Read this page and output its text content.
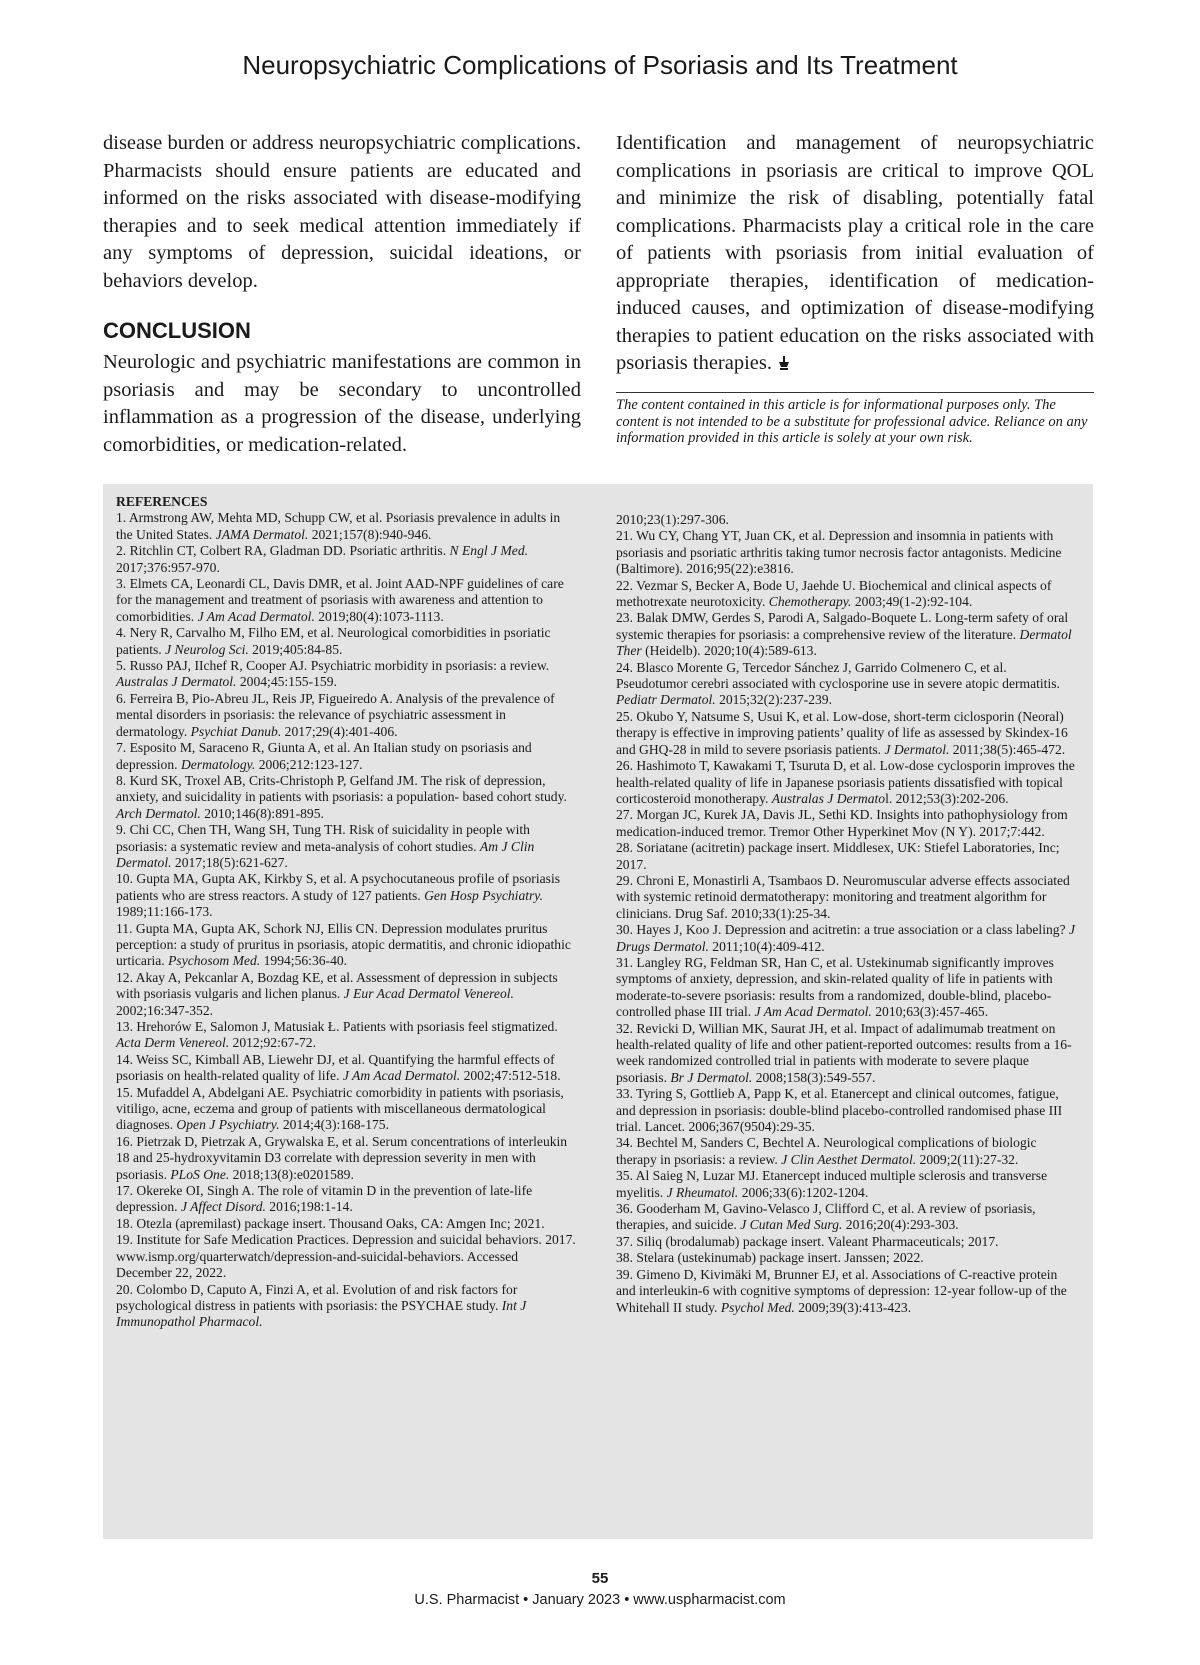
Neuropsychiatric Complications of Psoriasis and Its Treatment

disease burden or address neuropsychiatric complications. Pharmacists should ensure patients are educated and informed on the risks associated with disease-modifying therapies and to seek medical attention immediately if any symptoms of depression, suicidal ideations, or behaviors develop.

CONCLUSION

Neurologic and psychiatric manifestations are common in psoriasis and may be secondary to uncontrolled inflammation as a progression of the disease, underlying comorbidities, or medication-related.

Identification and management of neuropsychiatric complications in psoriasis are critical to improve QOL and minimize the risk of disabling, potentially fatal complications. Pharmacists play a critical role in the care of patients with psoriasis from initial evaluation of appropriate therapies, identification of medication-induced causes, and optimization of disease-modifying therapies to patient education on the risks associated with psoriasis therapies.

The content contained in this article is for informational purposes only. The content is not intended to be a substitute for professional advice. Reliance on any information provided in this article is solely at your own risk.
REFERENCES

1. Armstrong AW, Mehta MD, Schupp CW, et al. Psoriasis prevalence in adults in the United States. JAMA Dermatol. 2021;157(8):940-946.

2. Ritchlin CT, Colbert RA, Gladman DD. Psoriatic arthritis. N Engl J Med. 2017;376:957-970.

3. Elmets CA, Leonardi CL, Davis DMR, et al. Joint AAD-NPF guidelines of care for the management and treatment of psoriasis with awareness and attention to comorbidities. J Am Acad Dermatol. 2019;80(4):1073-1113.

4. Nery R, Carvalho M, Filho EM, et al. Neurological comorbidities in psoriatic patients. J Neurolog Sci. 2019;405:84-85.

5. Russo PAJ, IIchef R, Cooper AJ. Psychiatric morbidity in psoriasis: a review. Australas J Dermatol. 2004;45:155-159.

6. Ferreira B, Pio-Abreu JL, Reis JP, Figueiredo A. Analysis of the prevalence of mental disorders in psoriasis: the relevance of psychiatric assessment in dermatology. Psychiat Danub. 2017;29(4):401-406.

7. Esposito M, Saraceno R, Giunta A, et al. An Italian study on psoriasis and depression. Dermatology. 2006;212:123-127.

8. Kurd SK, Troxel AB, Crits-Christoph P, Gelfand JM. The risk of depression, anxiety, and suicidality in patients with psoriasis: a population- based cohort study. Arch Dermatol. 2010;146(8):891-895.

9. Chi CC, Chen TH, Wang SH, Tung TH. Risk of suicidality in people with psoriasis: a systematic review and meta-analysis of cohort studies. Am J Clin Dermatol. 2017;18(5):621-627.

10. Gupta MA, Gupta AK, Kirkby S, et al. A psychocutaneous profile of psoriasis patients who are stress reactors. A study of 127 patients. Gen Hosp Psychiatry. 1989;11:166-173.

11. Gupta MA, Gupta AK, Schork NJ, Ellis CN. Depression modulates pruritus perception: a study of pruritus in psoriasis, atopic dermatitis, and chronic idiopathic urticaria. Psychosom Med. 1994;56:36-40.

12. Akay A, Pekcanlar A, Bozdag KE, et al. Assessment of depression in subjects with psoriasis vulgaris and lichen planus. J Eur Acad Dermatol Venereol. 2002;16:347-352.

13. Hrehorów E, Salomon J, Matusiak Ł. Patients with psoriasis feel stigmatized. Acta Derm Venereol. 2012;92:67-72.

14. Weiss SC, Kimball AB, Liewehr DJ, et al. Quantifying the harmful effects of psoriasis on health-related quality of life. J Am Acad Dermatol. 2002;47:512-518.

15. Mufaddel A, Abdelgani AE. Psychiatric comorbidity in patients with psoriasis, vitiligo, acne, eczema and group of patients with miscellaneous dermatological diagnoses. Open J Psychiatry. 2014;4(3):168-175.

16. Pietrzak D, Pietrzak A, Grywalska E, et al. Serum concentrations of interleukin 18 and 25-hydroxyvitamin D3 correlate with depression severity in men with psoriasis. PLoS One. 2018;13(8):e0201589.

17. Okereke OI, Singh A. The role of vitamin D in the prevention of late-life depression. J Affect Disord. 2016;198:1-14.

18. Otezla (apremilast) package insert. Thousand Oaks, CA: Amgen Inc; 2021.

19. Institute for Safe Medication Practices. Depression and suicidal behaviors. 2017. www.ismp.org/quarterwatch/depression-and-suicidal-behaviors. Accessed December 22, 2022.

20. Colombo D, Caputo A, Finzi A, et al. Evolution of and risk factors for psychological distress in patients with psoriasis: the PSYCHAE study. Int J Immunopathol Pharmacol.

2010;23(1):297-306.

21. Wu CY, Chang YT, Juan CK, et al. Depression and insomnia in patients with psoriasis and psoriatic arthritis taking tumor necrosis factor antagonists. Medicine (Baltimore). 2016;95(22):e3816.

22. Vezmar S, Becker A, Bode U, Jaehde U. Biochemical and clinical aspects of methotrexate neurotoxicity. Chemotherapy. 2003;49(1-2):92-104.

23. Balak DMW, Gerdes S, Parodi A, Salgado-Boquete L. Long-term safety of oral systemic therapies for psoriasis: a comprehensive review of the literature. Dermatol Ther (Heidelb). 2020;10(4):589-613.

24. Blasco Morente G, Tercedor Sánchez J, Garrido Colmenero C, et al. Pseudotumor cerebri associated with cyclosporine use in severe atopic dermatitis. Pediatr Dermatol. 2015;32(2):237-239.

25. Okubo Y, Natsume S, Usui K, et al. Low-dose, short-term ciclosporin (Neoral) therapy is effective in improving patients’ quality of life as assessed by Skindex-16 and GHQ-28 in mild to severe psoriasis patients. J Dermatol. 2011;38(5):465-472.

26. Hashimoto T, Kawakami T, Tsuruta D, et al. Low-dose cyclosporin improves the health-related quality of life in Japanese psoriasis patients dissatisfied with topical corticosteroid monotherapy. Australas J Dermatol. 2012;53(3):202-206.

27. Morgan JC, Kurek JA, Davis JL, Sethi KD. Insights into pathophysiology from medication-induced tremor. Tremor Other Hyperkinet Mov (N Y). 2017;7:442.

28. Soriatane (acitretin) package insert. Middlesex, UK: Stiefel Laboratories, Inc; 2017.

29. Chroni E, Monastirli A, Tsambaos D. Neuromuscular adverse effects associated with systemic retinoid dermatotherapy: monitoring and treatment algorithm for clinicians. Drug Saf. 2010;33(1):25-34.

30. Hayes J, Koo J. Depression and acitretin: a true association or a class labeling? J Drugs Dermatol. 2011;10(4):409-412.

31. Langley RG, Feldman SR, Han C, et al. Ustekinumab significantly improves symptoms of anxiety, depression, and skin-related quality of life in patients with moderate-to-severe psoriasis: results from a randomized, double-blind, placebo-controlled phase III trial. J Am Acad Dermatol. 2010;63(3):457-465.

32. Revicki D, Willian MK, Saurat JH, et al. Impact of adalimumab treatment on health-related quality of life and other patient-reported outcomes: results from a 16-week randomized controlled trial in patients with moderate to severe plaque psoriasis. Br J Dermatol. 2008;158(3):549-557.

33. Tyring S, Gottlieb A, Papp K, et al. Etanercept and clinical outcomes, fatigue, and depression in psoriasis: double-blind placebo-controlled randomised phase III trial. Lancet. 2006;367(9504):29-35.

34. Bechtel M, Sanders C, Bechtel A. Neurological complications of biologic therapy in psoriasis: a review. J Clin Aesthet Dermatol. 2009;2(11):27-32.

35. Al Saieg N, Luzar MJ. Etanercept induced multiple sclerosis and transverse myelitis. J Rheumatol. 2006;33(6):1202-1204.

36. Gooderham M, Gavino-Velasco J, Clifford C, et al. A review of psoriasis, therapies, and suicide. J Cutan Med Surg. 2016;20(4):293-303.

37. Siliq (brodalumab) package insert. Valeant Pharmaceuticals; 2017.

38. Stelara (ustekinumab) package insert. Janssen; 2022.

39. Gimeno D, Kivimäki M, Brunner EJ, et al. Associations of C-reactive protein and interleukin-6 with cognitive symptoms of depression: 12-year follow-up of the Whitehall II study. Psychol Med. 2009;39(3):413-423.

55
U.S. Pharmacist • January 2023 • www.uspharmacist.com
